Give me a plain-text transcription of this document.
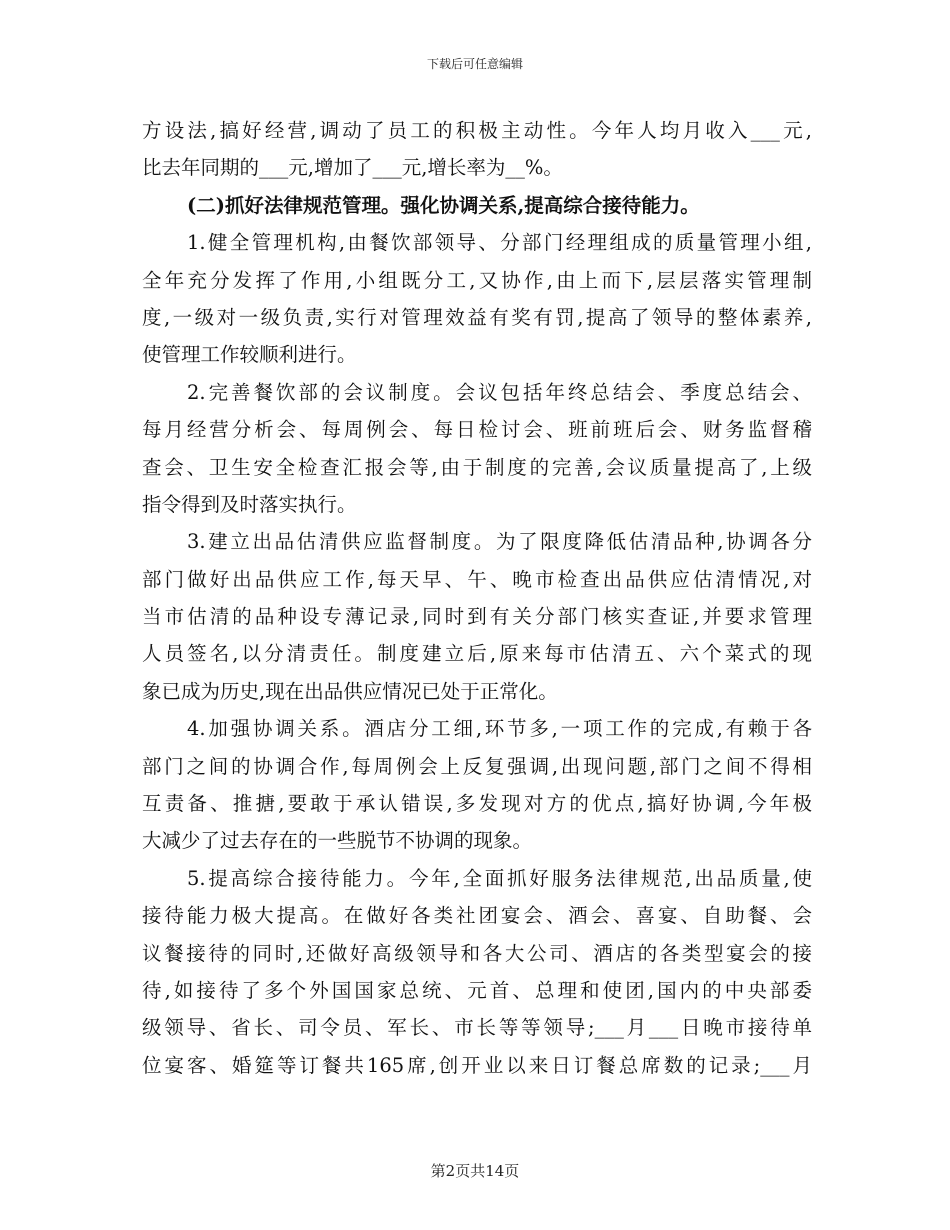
下载后可任意编辑
方设法,搞好经营,调动了员工的积极主动性。今年人均月收入___元,
比去年同期的___元,增加了___元,增长率为__%。
(二)抓好法律规范管理。强化协调关系,提高综合接待能力。
1.健全管理机构,由餐饮部领导、分部门经理组成的质量管理小组,
全年充分发挥了作用,小组既分工,又协作,由上而下,层层落实管理制
度,一级对一级负责,实行对管理效益有奖有罚,提高了领导的整体素养,
使管理工作较顺利进行。
2.完善餐饮部的会议制度。会议包括年终总结会、季度总结会、
每月经营分析会、每周例会、每日检讨会、班前班后会、财务监督稽
查会、卫生安全检查汇报会等,由于制度的完善,会议质量提高了,上级
指令得到及时落实执行。
3.建立出品估清供应监督制度。为了限度降低估清品种,协调各分
部门做好出品供应工作,每天早、午、晚市检查出品供应估清情况,对
当市估清的品种设专薄记录,同时到有关分部门核实查证,并要求管理
人员签名,以分清责任。制度建立后,原来每市估清五、六个菜式的现
象已成为历史,现在出品供应情况已处于正常化。
4.加强协调关系。酒店分工细,环节多,一项工作的完成,有赖于各
部门之间的协调合作,每周例会上反复强调,出现问题,部门之间不得相
互责备、推搪,要敢于承认错误,多发现对方的优点,搞好协调,今年极
大减少了过去存在的一些脱节不协调的现象。
5.提高综合接待能力。今年,全面抓好服务法律规范,出品质量,使
接待能力极大提高。在做好各类社团宴会、酒会、喜宴、自助餐、会
议餐接待的同时,还做好高级领导和各大公司、酒店的各类型宴会的接
待,如接待了多个外国国家总统、元首、总理和使团,国内的中央部委
级领导、省长、司令员、军长、市长等等领导;___月___日晚市接待单
位宴客、婚筵等订餐共165席,创开业以来日订餐总席数的记录;___月
第2页共14页
